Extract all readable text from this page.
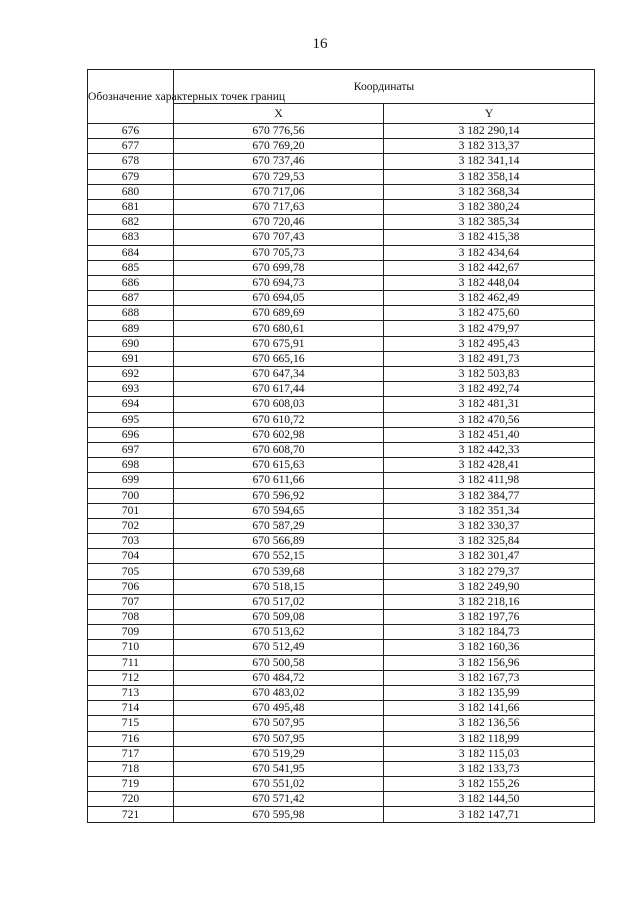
16
Обозначение характерных точек границ	Координаты	
	X	Y
676	670 776,56	3 182 290,14
677	670 769,20	3 182 313,37
678	670 737,46	3 182 341,14
679	670 729,53	3 182 358,14
680	670 717,06	3 182 368,34
681	670 717,63	3 182 380,24
682	670 720,46	3 182 385,34
683	670 707,43	3 182 415,38
684	670 705,73	3 182 434,64
685	670 699,78	3 182 442,67
686	670 694,73	3 182 448,04
687	670 694,05	3 182 462,49
688	670 689,69	3 182 475,60
689	670 680,61	3 182 479,97
690	670 675,91	3 182 495,43
691	670 665,16	3 182 491,73
692	670 647,34	3 182 503,83
693	670 617,44	3 182 492,74
694	670 608,03	3 182 481,31
695	670 610,72	3 182 470,56
696	670 602,98	3 182 451,40
697	670 608,70	3 182 442,33
698	670 615,63	3 182 428,41
699	670 611,66	3 182 411,98
700	670 596,92	3 182 384,77
701	670 594,65	3 182 351,34
702	670 587,29	3 182 330,37
703	670 566,89	3 182 325,84
704	670 552,15	3 182 301,47
705	670 539,68	3 182 279,37
706	670 518,15	3 182 249,90
707	670 517,02	3 182 218,16
708	670 509,08	3 182 197,76
709	670 513,62	3 182 184,73
710	670 512,49	3 182 160,36
711	670 500,58	3 182 156,96
712	670 484,72	3 182 167,73
713	670 483,02	3 182 135,99
714	670 495,48	3 182 141,66
715	670 507,95	3 182 136,56
716	670 507,95	3 182 118,99
717	670 519,29	3 182 115,03
718	670 541,95	3 182 133,73
719	670 551,02	3 182 155,26
720	670 571,42	3 182 144,50
721	670 595,98	3 182 147,71
